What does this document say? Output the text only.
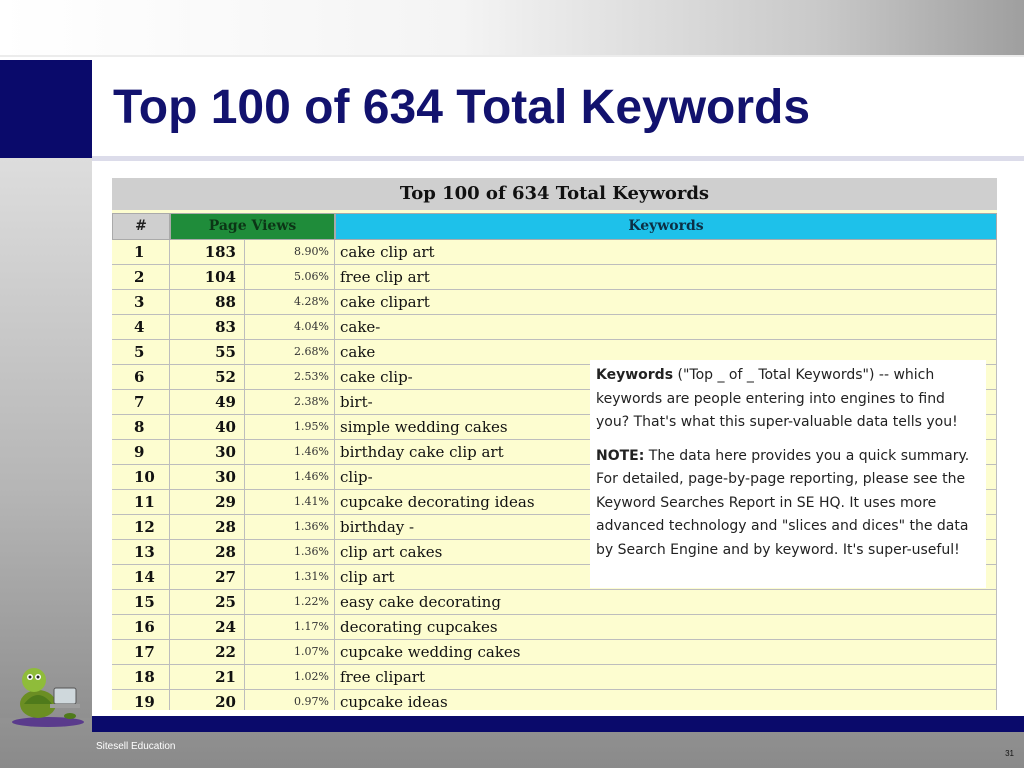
Top 100 of 634 Total Keywords
Top 100 of 634 Total Keywords
#	Page Views	Keywords
1	183	8.90% cake clip art
2	104	5.06% free clip art
3	88	4.28% cake clipart
4	83	4.04% cake-
5	55	2.68% cake
6	52	2.53% cake clip-
7	49	2.38% birt-
8	40	1.95% simple wedding cakes
9	30	1.46% birthday cake clip art
10	30	1.46% clip-
11	29	1.41% cupcake decorating ideas
12	28	1.36% birthday -
13	28	1.36% clip art cakes
14	27	1.31% clip art
15	25	1.22% easy cake decorating
16	24	1.17% decorating cupcakes
17	22	1.07% cupcake wedding cakes
18	21	1.02% free clipart
19	20	0.97% cupcake ideas

Keywords ("Top _ of _ Total Keywords") -- which keywords are people entering into engines to find you? That's what this super-valuable data tells you!

NOTE: The data here provides you a quick summary. For detailed, page-by-page reporting, please see the Keyword Searches Report in SE HQ. It uses more advanced technology and "slices and dices" the data by Search Engine and by keyword. It's super-useful!

Sitesell Education
31
